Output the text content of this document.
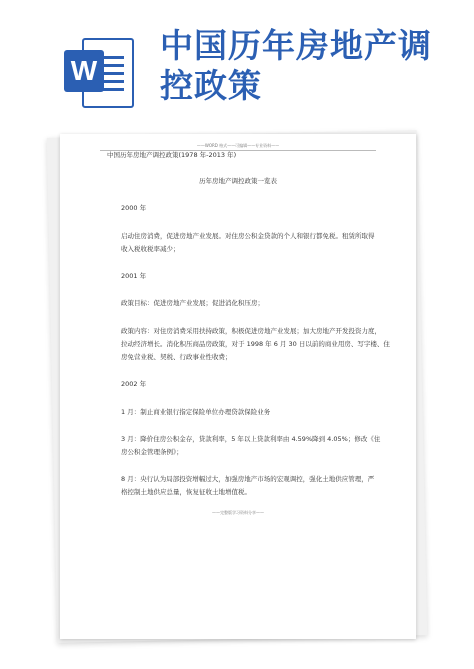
W
中国历年房地产调
控政策
——WORD 格式——可编辑——专业资料——
中国历年房地产调控政策(1978 年-2013 年)
历年房地产调控政策一览表
2000 年
启动住房消费，促进房地产业发展。对住房公积金贷款的个人和银行都免税。租赁所取得
收入税收税率减少；
2001 年
政策目标：促进房地产业发展；促进消化积压房；
政策内容：对住房消费采用扶持政策，积极促进房地产业发展；加大房地产开发投资力度，
拉动经济增长。消化积压商品房政策，对于 1998 年 6 月 30 日以前的商业用房、写字楼、住
房免营业税、契税、行政事业性收费；
2002 年
1 月：制止商业银行指定保险单位办理贷款保险业务
3 月：降价住房公积金存，贷款利率，5 年以上贷款利率由 4.59%降到 4.05%；修改《住
房公积金管理条例》；
8 月：央行认为局部投资增幅过大，加强房地产市场的宏观调控，强化土地供应管理，严
格控制土地供应总量，恢复征收土地增值税。
——完整版学习资料分享——
